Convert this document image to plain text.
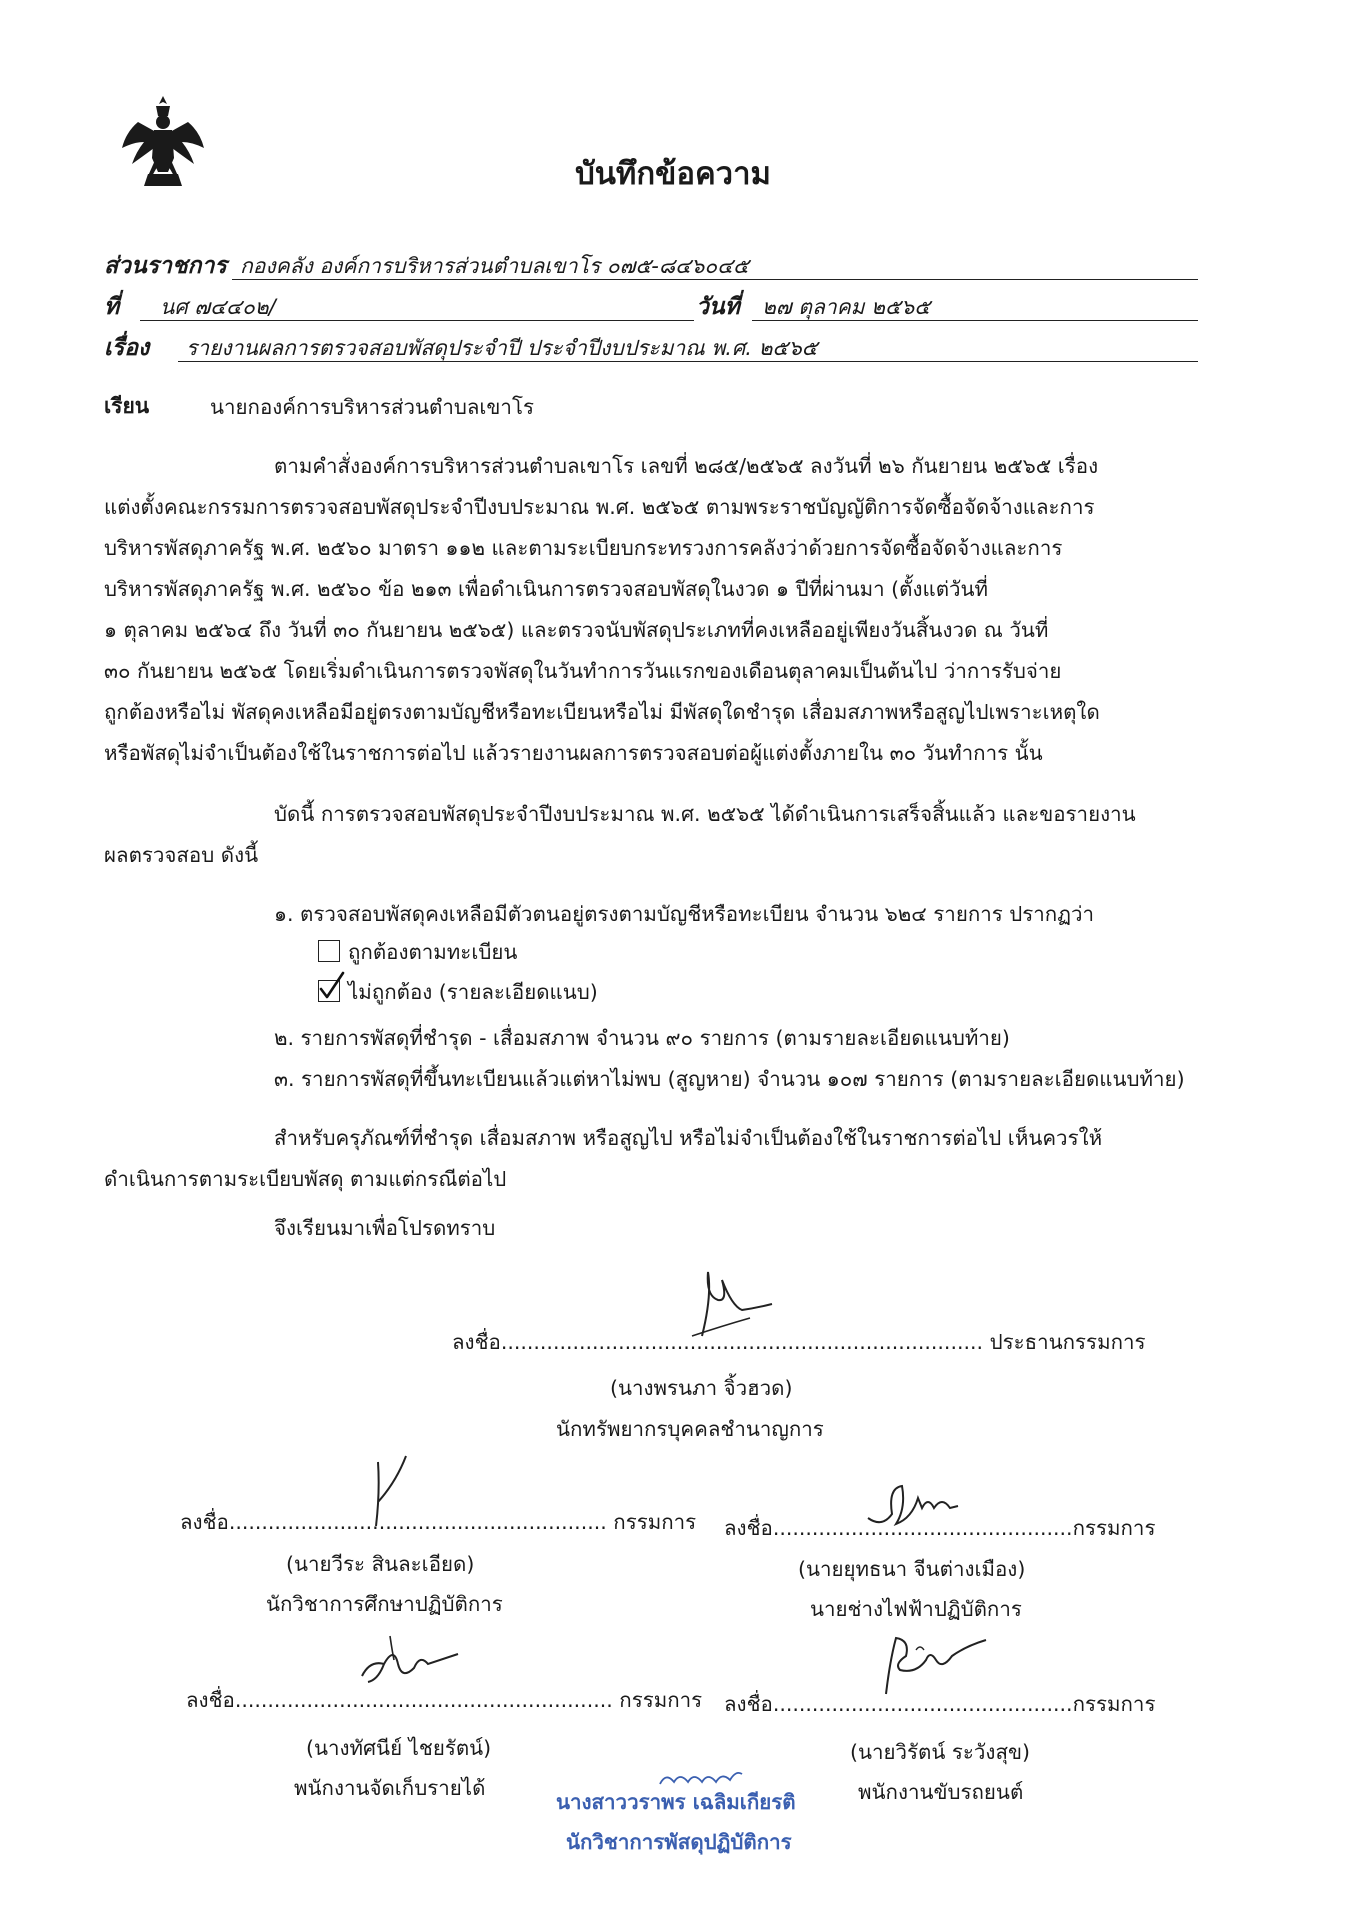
บันทึกข้อความ
ส่วนราชการ กองคลัง องค์การบริหารส่วนตำบลเขาโร ๐๗๕-๘๔๖๐๔๕
ที่ นศ ๗๔๔๐๒/	วันที่ ๒๗ ตุลาคม ๒๕๖๕
เรื่อง รายงานผลการตรวจสอบพัสดุประจำปี ประจำปีงบประมาณ พ.ศ. ๒๕๖๕
เรียน	นายกองค์การบริหารส่วนตำบลเขาโร
ตามคำสั่งองค์การบริหารส่วนตำบลเขาโร เลขที่ ๒๘๕/๒๕๖๕ ลงวันที่ ๒๖ กันยายน ๒๕๖๕ เรื่อง
แต่งตั้งคณะกรรมการตรวจสอบพัสดุประจำปีงบประมาณ พ.ศ. ๒๕๖๕ ตามพระราชบัญญัติการจัดซื้อจัดจ้างและการ
บริหารพัสดุภาครัฐ พ.ศ. ๒๕๖๐ มาตรา ๑๑๒ และตามระเบียบกระทรวงการคลังว่าด้วยการจัดซื้อจัดจ้างและการ
บริหารพัสดุภาครัฐ พ.ศ. ๒๕๖๐ ข้อ ๒๑๓ เพื่อดำเนินการตรวจสอบพัสดุในงวด ๑ ปีที่ผ่านมา (ตั้งแต่วันที่
๑ ตุลาคม ๒๕๖๔ ถึง วันที่ ๓๐ กันยายน ๒๕๖๕) และตรวจนับพัสดุประเภทที่คงเหลืออยู่เพียงวันสิ้นงวด ณ วันที่
๓๐ กันยายน ๒๕๖๕ โดยเริ่มดำเนินการตรวจพัสดุในวันทำการวันแรกของเดือนตุลาคมเป็นต้นไป ว่าการรับจ่าย
ถูกต้องหรือไม่ พัสดุคงเหลือมีอยู่ตรงตามบัญชีหรือทะเบียนหรือไม่ มีพัสดุใดชำรุด เสื่อมสภาพหรือสูญไปเพราะเหตุใด
หรือพัสดุไม่จำเป็นต้องใช้ในราชการต่อไป แล้วรายงานผลการตรวจสอบต่อผู้แต่งตั้งภายใน ๓๐ วันทำการ นั้น
บัดนี้ การตรวจสอบพัสดุประจำปีงบประมาณ พ.ศ. ๒๕๖๕ ได้ดำเนินการเสร็จสิ้นแล้ว และขอรายงาน
ผลตรวจสอบ ดังนี้
๑. ตรวจสอบพัสดุคงเหลือมีตัวตนอยู่ตรงตามบัญชีหรือทะเบียน จำนวน ๖๒๔ รายการ ปรากฏว่า
ถูกต้องตามทะเบียน
ไม่ถูกต้อง (รายละเอียดแนบ)
๒. รายการพัสดุที่ชำรุด - เสื่อมสภาพ จำนวน ๙๐ รายการ (ตามรายละเอียดแนบท้าย)
๓. รายการพัสดุที่ขึ้นทะเบียนแล้วแต่หาไม่พบ (สูญหาย) จำนวน ๑๐๗ รายการ (ตามรายละเอียดแนบท้าย)
สำหรับครุภัณฑ์ที่ชำรุด เสื่อมสภาพ หรือสูญไป หรือไม่จำเป็นต้องใช้ในราชการต่อไป เห็นควรให้
ดำเนินการตามระเบียบพัสดุ ตามแต่กรณีต่อไป
จึงเรียนมาเพื่อโปรดทราบ
ลงชื่อ.......................................................................... ประธานกรรมการ
(นางพรนภา จิ้วฮวด)
นักทรัพยากรบุคคลชำนาญการ
ลงชื่อ.......................................................... กรรมการ
(นายวีระ สินละเอียด)
นักวิชาการศึกษาปฏิบัติการ
ลงชื่อ..............................................กรรมการ
(นายยุทธนา จีนต่างเมือง)
นายช่างไฟฟ้าปฏิบัติการ
ลงชื่อ.......................................................... กรรมการ
(นางทัศนีย์ ไชยรัตน์)
พนักงานจัดเก็บรายได้
ลงชื่อ..............................................กรรมการ
(นายวิรัตน์ ระวังสุข)
พนักงานขับรถยนต์
นางสาววราพร เฉลิมเกียรติ
นักวิชาการพัสดุปฏิบัติการ
